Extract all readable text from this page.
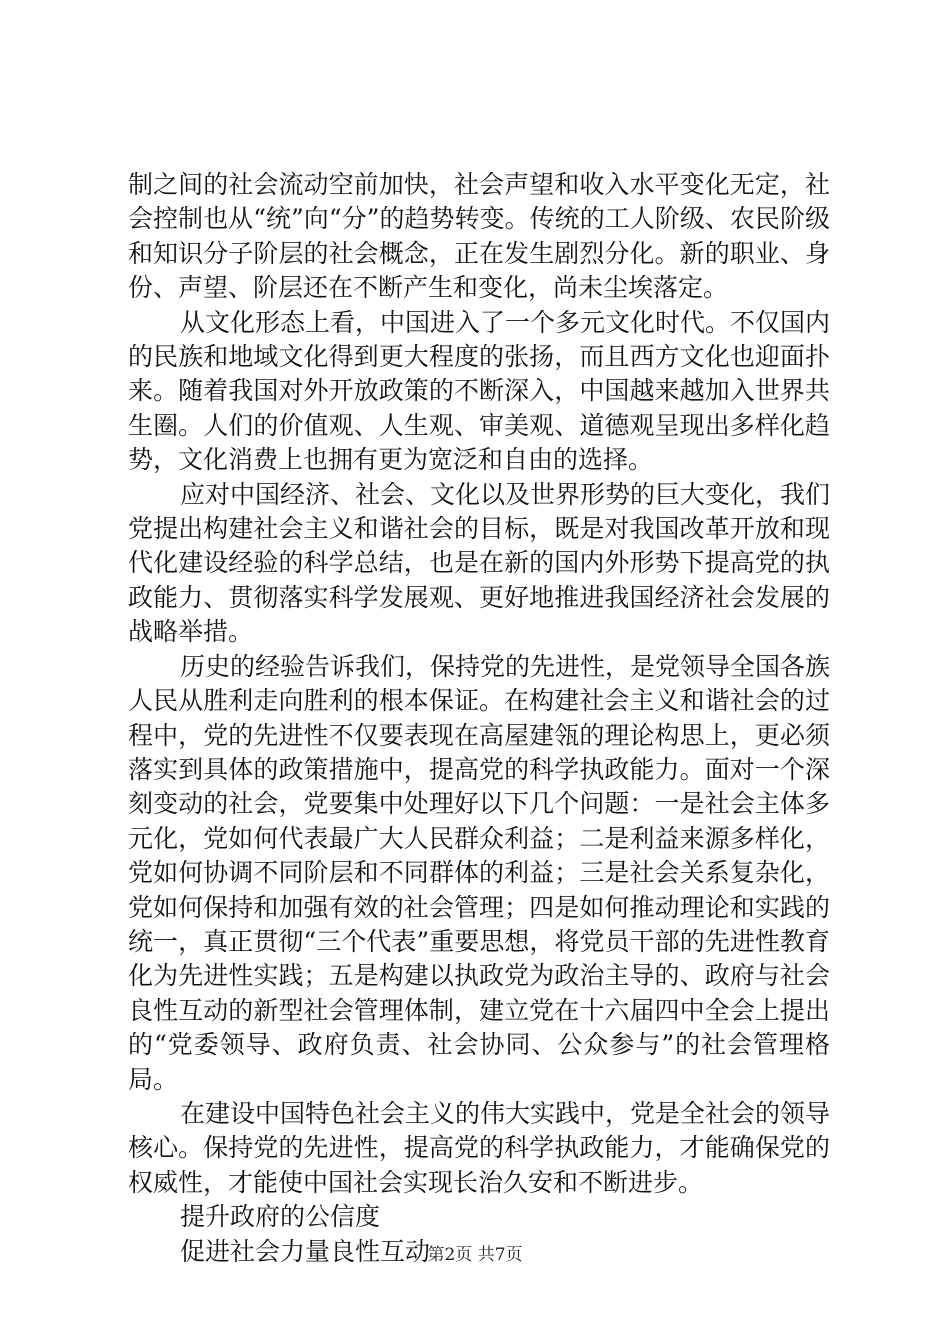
制之间的社会流动空前加快，社会声望和收入水平变化无定，社会控制也从“统”向“分”的趋势转变。传统的工人阶级、农民阶级和知识分子阶层的社会概念，正在发生剧烈分化。新的职业、身份、声望、阶层还在不断产生和变化，尚未尘埃落定。

从文化形态上看，中国进入了一个多元文化时代。不仅国内的民族和地域文化得到更大程度的张扬，而且西方文化也迎面扑来。随着我国对外开放政策的不断深入，中国越来越加入世界共生圈。人们的价值观、人生观、审美观、道德观呈现出多样化趋势，文化消费上也拥有更为宽泛和自由的选择。

应对中国经济、社会、文化以及世界形势的巨大变化，我们党提出构建社会主义和谐社会的目标，既是对我国改革开放和现代化建设经验的科学总结，也是在新的国内外形势下提高党的执政能力、贯彻落实科学发展观、更好地推进我国经济社会发展的战略举措。

历史的经验告诉我们，保持党的先进性，是党领导全国各族人民从胜利走向胜利的根本保证。在构建社会主义和谐社会的过程中，党的先进性不仅要表现在高屋建瓴的理论构思上，更必须落实到具体的政策措施中，提高党的科学执政能力。面对一个深刻变动的社会，党要集中处理好以下几个问题：一是社会主体多元化，党如何代表最广大人民群众利益；二是利益来源多样化，党如何协调不同阶层和不同群体的利益；三是社会关系复杂化，党如何保持和加强有效的社会管理；四是如何推动理论和实践的统一，真正贯彻“三个代表”重要思想，将党员干部的先进性教育化为先进性实践；五是构建以执政党为政治主导的、政府与社会良性互动的新型社会管理体制，建立党在十六届四中全会上提出的“党委领导、政府负责、社会协同、公众参与”的社会管理格局。

在建设中国特色社会主义的伟大实践中，党是全社会的领导核心。保持党的先进性，提高党的科学执政能力，才能确保党的权威性，才能使中国社会实现长治久安和不断进步。

提升政府的公信度

促进社会力量良性互动

第2页 共7页
